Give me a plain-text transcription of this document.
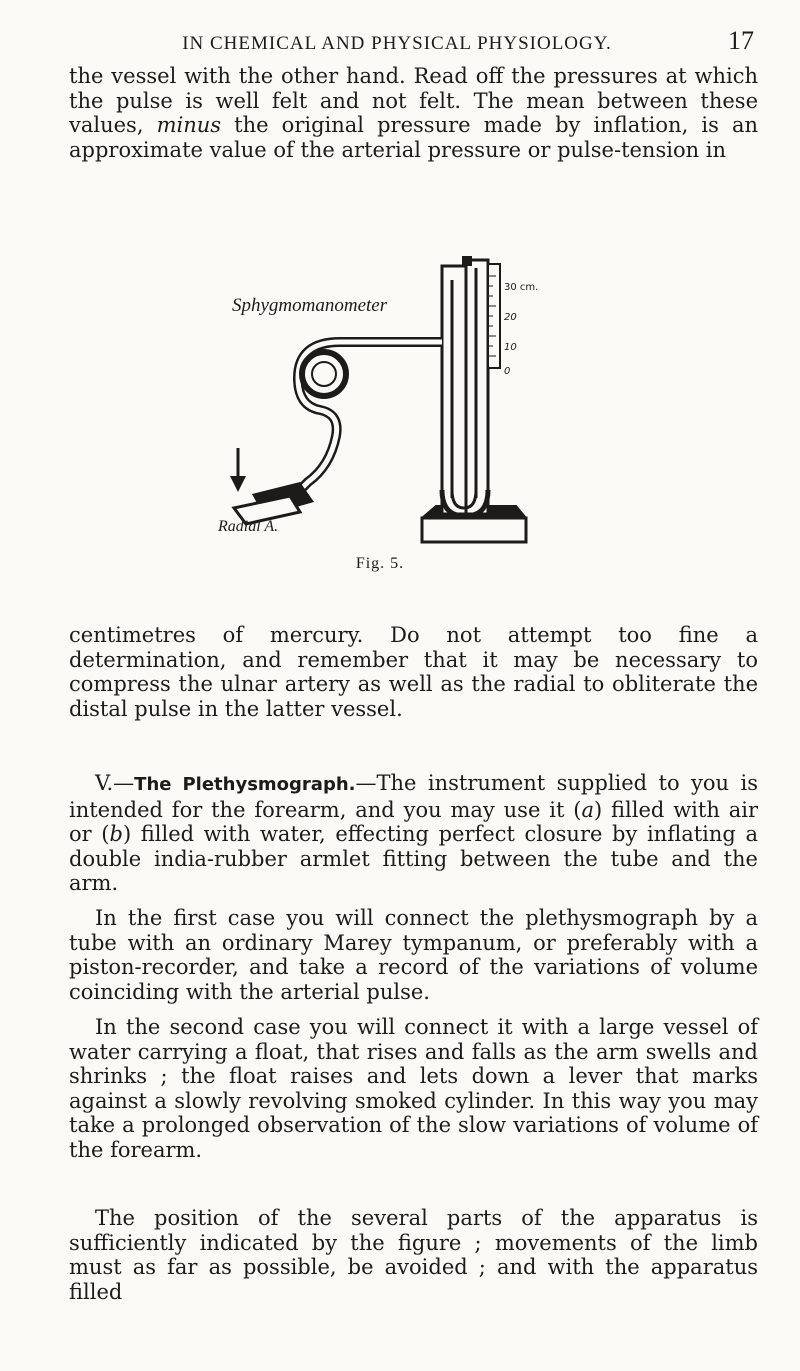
IN CHEMICAL AND PHYSICAL PHYSIOLOGY.	17

the vessel with the other hand. Read off the pressures at which the pulse is well felt and not felt. The mean between these values, minus the original pressure made by inflation, is an approximate value of the arterial pressure or pulse-tension in

Sphygmomanometer
Radial A.
30 cm.
20
10
0
Fig. 5.

centimetres of mercury. Do not attempt too fine a determination, and remember that it may be necessary to compress the ulnar artery as well as the radial to obliterate the distal pulse in the latter vessel.

V.—The Plethysmograph.—The instrument supplied to you is intended for the forearm, and you may use it (a) filled with air or (b) filled with water, effecting perfect closure by inflating a double india-rubber armlet fitting between the tube and the arm.

In the first case you will connect the plethysmograph by a tube with an ordinary Marey tympanum, or preferably with a piston-recorder, and take a record of the variations of volume coinciding with the arterial pulse.

In the second case you will connect it with a large vessel of water carrying a float, that rises and falls as the arm swells and shrinks ; the float raises and lets down a lever that marks against a slowly revolving smoked cylinder. In this way you may take a prolonged observation of the slow variations of volume of the forearm.

The position of the several parts of the apparatus is sufficiently indicated by the figure ; movements of the limb must as far as possible, be avoided ; and with the apparatus filled
